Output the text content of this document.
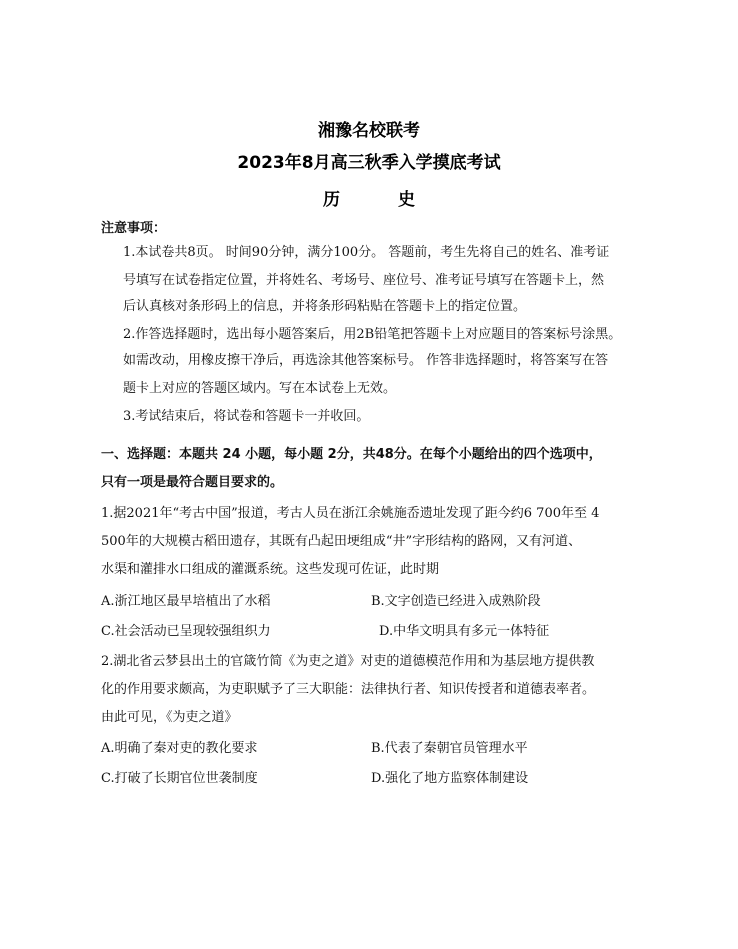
湘豫名校联考
2023年8月高三秋季入学摸底考试
历	史
注意事项：
1.本试卷共8页。 时间90分钟，满分100分。 答题前，考生先将自己的姓名、准考证
号填写在试卷指定位置，并将姓名、考场号、座位号、准考证号填写在答题卡上，然
后认真核对条形码上的信息，并将条形码粘贴在答题卡上的指定位置。
2.作答选择题时，选出每小题答案后，用2B铅笔把答题卡上对应题目的答案标号涂黑。
如需改动，用橡皮擦干净后，再选涂其他答案标号。 作答非选择题时，将答案写在答
题卡上对应的答题区域内。写在本试卷上无效。
3.考试结束后，将试卷和答题卡一并收回。
一、选择题：本题共 24 小题，每小题 2分，共48分。在每个小题给出的四个选项中，
只有一项是最符合题目要求的。
1.据2021年“考古中国”报道，考古人员在浙江余姚施岙遗址发现了距今约6 700年至 4
500年的大规模古稻田遗存，其既有凸起田埂组成“井”字形结构的路网，又有河道、
水渠和灌排水口组成的灌溉系统。这些发现可佐证，此时期
A.浙江地区最早培植出了水稻	B.文字创造已经进入成熟阶段
C.社会活动已呈现较强组织力	D.中华文明具有多元一体特征
2.湖北省云梦县出土的官箴竹简《为吏之道》对吏的道德模范作用和为基层地方提供教
化的作用要求颇高，为吏职赋予了三大职能：法律执行者、知识传授者和道德表率者。
由此可见，《为吏之道》
A.明确了秦对吏的教化要求	B.代表了秦朝官员管理水平
C.打破了长期官位世袭制度	D.强化了地方监察体制建设
